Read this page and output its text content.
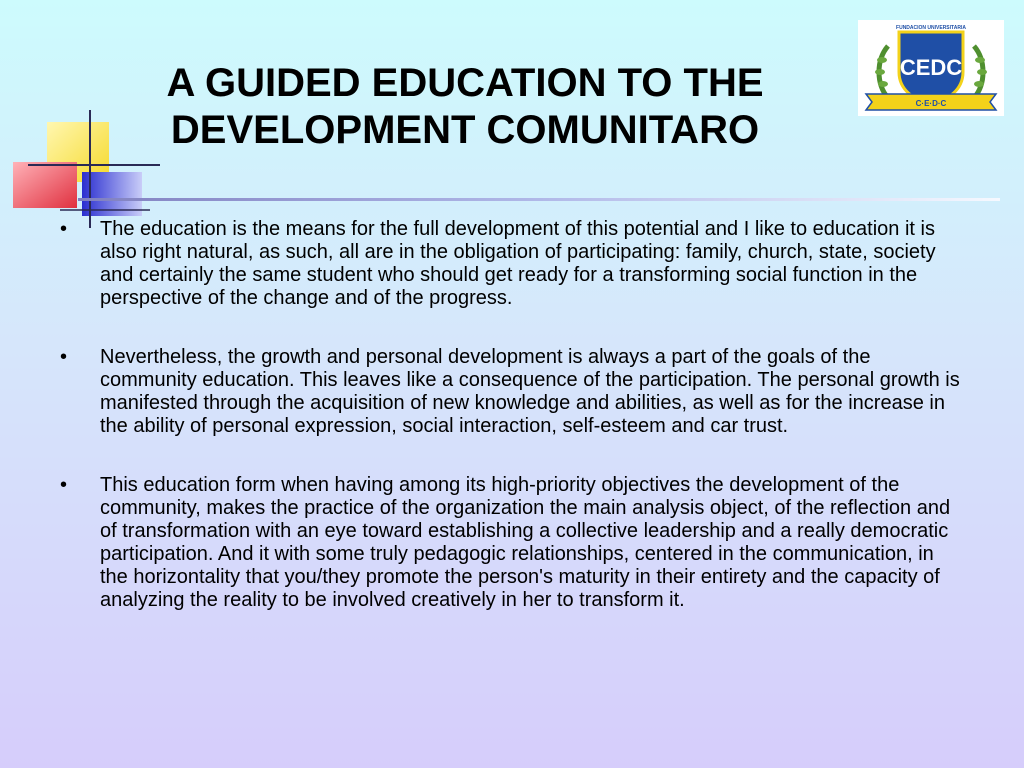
FUNDACION UNIVERSITARIA
CEDC
C·E·D·C
A GUIDED EDUCATION TO THE
DEVELOPMENT COMUNITARO
• The education is the means for the full development of this potential and I like to education it is also right natural, as such, all are in the obligation of participating: family, church, state, society and certainly the same student who should get ready for a transforming social function in the perspective of the change and of the progress.
• Nevertheless, the growth and personal development is always a part of the goals of the community education. This leaves like a consequence of the participation. The personal growth is manifested through the acquisition of new knowledge and abilities, as well as for the increase in the ability of personal expression, social interaction, self-esteem and car trust.
• This education form when having among its high-priority objectives the development of the community, makes the practice of the organization the main analysis object, of the reflection and of transformation with an eye toward establishing a collective leadership and a really democratic participation. And it with some truly pedagogic relationships, centered in the communication, in the horizontality that you/they promote the person's maturity in their entirety and the capacity of analyzing the reality to be involved creatively in her to transform it.
